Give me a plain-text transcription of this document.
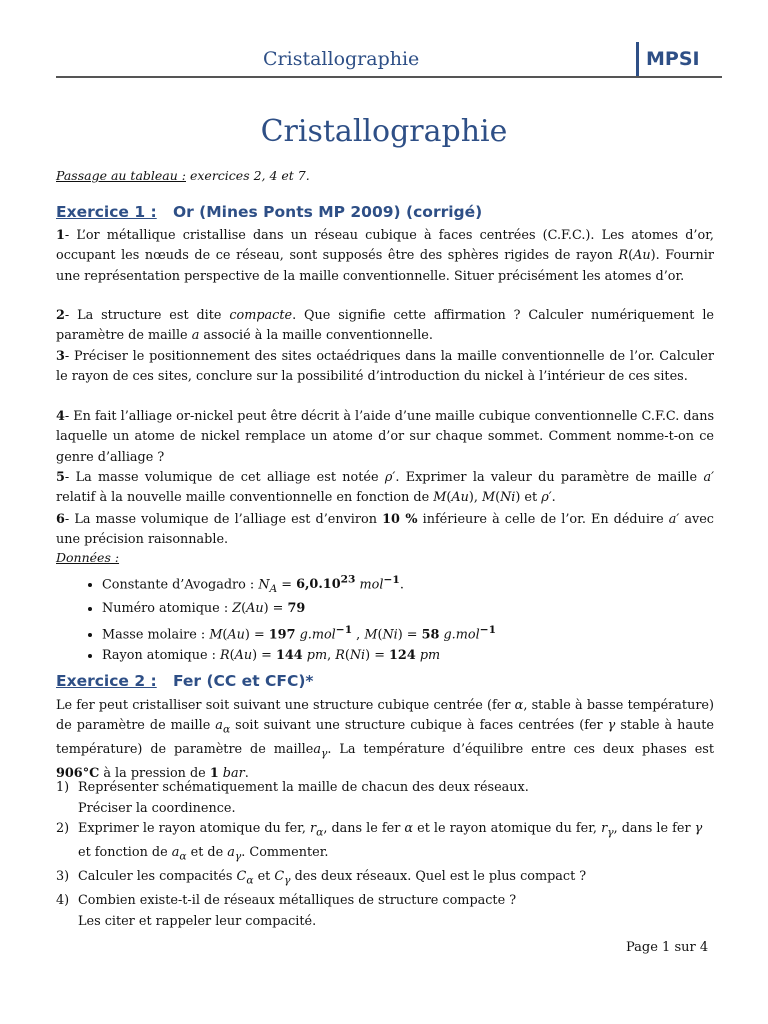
Cristallographie	MPSI
Cristallographie
Passage au tableau : exercices 2, 4 et 7.
Exercice 1 : Or (Mines Ponts MP 2009) (corrigé)
1- L’or métallique cristallise dans un réseau cubique à faces centrées (C.F.C.). Les atomes d’or, occupant les nœuds de ce réseau, sont supposés être des sphères rigides de rayon R(Au). Fournir une représentation perspective de la maille conventionnelle. Situer précisément les atomes d’or.
2- La structure est dite compacte. Que signifie cette affirmation ? Calculer numériquement le paramètre de maille a associé à la maille conventionnelle.
3- Préciser le positionnement des sites octaédriques dans la maille conventionnelle de l’or. Calculer le rayon de ces sites, conclure sur la possibilité d’introduction du nickel à l’intérieur de ces sites.
4- En fait l’alliage or-nickel peut être décrit à l’aide d’une maille cubique conventionnelle C.F.C. dans laquelle un atome de nickel remplace un atome d’or sur chaque sommet. Comment nomme-t-on ce genre d’alliage ?
5- La masse volumique de cet alliage est notée ρ′. Exprimer la valeur du paramètre de maille a′ relatif à la nouvelle maille conventionnelle en fonction de M(Au), M(Ni) et ρ′.
6- La masse volumique de l’alliage est d’environ 10 % inférieure à celle de l’or. En déduire a′ avec une précision raisonnable.
Données :
• Constante d’Avogadro : $N_A = 6,0.10^{23}$ mol$^{-1}$.
• Numéro atomique : Z(Au) = 79
• Masse molaire : M(Au) = 197 g.mol$^{-1}$ , M(Ni) = 58 g.mol$^{-1}$
• Rayon atomique : R(Au) = 144 pm, R(Ni) = 124 pm
Exercice 2 : Fer (CC et CFC)*
Le fer peut cristalliser soit suivant une structure cubique centrée (fer α, stable à basse température) de paramètre de maille $a_\alpha$ soit suivant une structure cubique à faces centrées (fer γ stable à haute température) de paramètre de maillea$_\gamma$. La température d’équilibre entre ces deux phases est 906°C à la pression de 1 bar.
1) Représenter schématiquement la maille de chacun des deux réseaux.
Préciser la coordinence.
2) Exprimer le rayon atomique du fer, $r_\alpha$, dans le fer α et le rayon atomique du fer, $r_\gamma$, dans le fer γ et fonction de $a_\alpha$ et de $a_\gamma$. Commenter.
3) Calculer les compacités $C_\alpha$ et $C_\gamma$ des deux réseaux. Quel est le plus compact ?
4) Combien existe-t-il de réseaux métalliques de structure compacte ?
Les citer et rappeler leur compacité.
Page 1 sur 4
